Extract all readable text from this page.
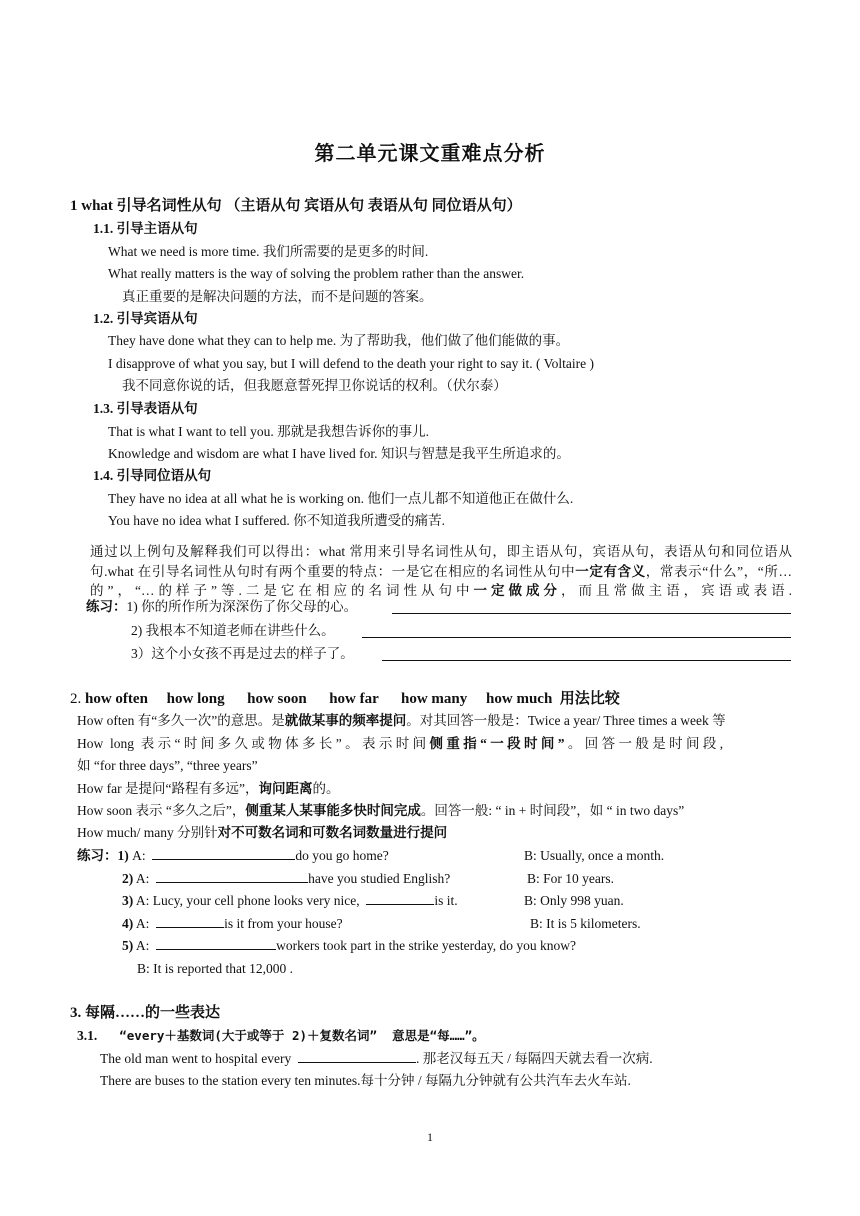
第二单元课文重难点分析
1 what 引导名词性从句 （主语从句 宾语从句 表语从句 同位语从句）
1.1. 引导主语从句
What we need is more time. 我们所需要的是更多的时间.
What really matters is the way of solving the problem rather than the answer.
真正重要的是解决问题的方法，而不是问题的答案。
1.2. 引导宾语从句
They have done what they can to help me. 为了帮助我，他们做了他们能做的事。
I disapprove of what you say, but I will defend to the death your right to say it. ( Voltaire )
我不同意你说的话，但我愿意誓死捍卫你说话的权利。（伏尔泰）
1.3. 引导表语从句
That is what I want to tell you. 那就是我想告诉你的事儿.
Knowledge and wisdom are what I have lived for. 知识与智慧是我平生所追求的。
1.4. 引导同位语从句
They have no idea at all what he is working on. 他们一点儿都不知道他正在做什么.
You have no idea what I suffered. 你不知道我所遭受的痛苦.
通过以上例句及解释我们可以得出：what 常用来引导名词性从句，即主语从句，宾语从句，表语从句和同位语从句.what 在引导名词性从句时有两个重要的特点：一是它在相应的名词性从句中一定有含义，常表示“什么”，“所…的”，“…的样子”等.二是它在相应的名词性从句中一定做成分，而且常做主语，宾语或表语.
练习：1) 你的所作所为深深伤了你父母的心。
2) 我根本不知道老师在讲些什么。
3）这个小女孩不再是过去的样子了。
2. how often     how long      how soon      how far      how many     how much  用法比较
How often 有“多久一次”的意思。是就做某事的频率提问。对其回答一般是：Twice a year/ Three times a week 等
How  long  表 示 “ 时 间 多 久 或 物 体 多 长 ” 。 表 示 时 间 侧 重 指 “ 一 段 时 间 ” 。 回 答 一 般 是 时 间 段 ,
如 “for three days”, “three years”
How far 是提问“路程有多远”，询问距离的。
How soon 表示 “多久之后”，侧重某人某事能多快时间完成。回答一般: “ in + 时间段”，如 “ in two days”
How much/ many 分别针对不可数名词和可数名词数量进行提问
练习：1) A:	do you go home?	B: Usually, once a month.
2) A:	have you studied English?	B: For 10 years.
3) A: Lucy, your cell phone looks very nice,	is it.	B: Only 998 yuan.
4) A:	is it from your house?	B: It is 5 kilometers.
5) A:	workers took part in the strike yesterday, do you know?
B: It is reported that 12,000 .
3. 每隔……的一些表达
3.1. “every＋基数词(大于或等于 2)＋复数名词”  意思是“每……”。
The old man went to hospital every	. 那老汉每五天 / 每隔四天就去看一次病.
There are buses to the station every ten minutes.每十分钟 / 每隔九分钟就有公共汽车去火车站.
1
